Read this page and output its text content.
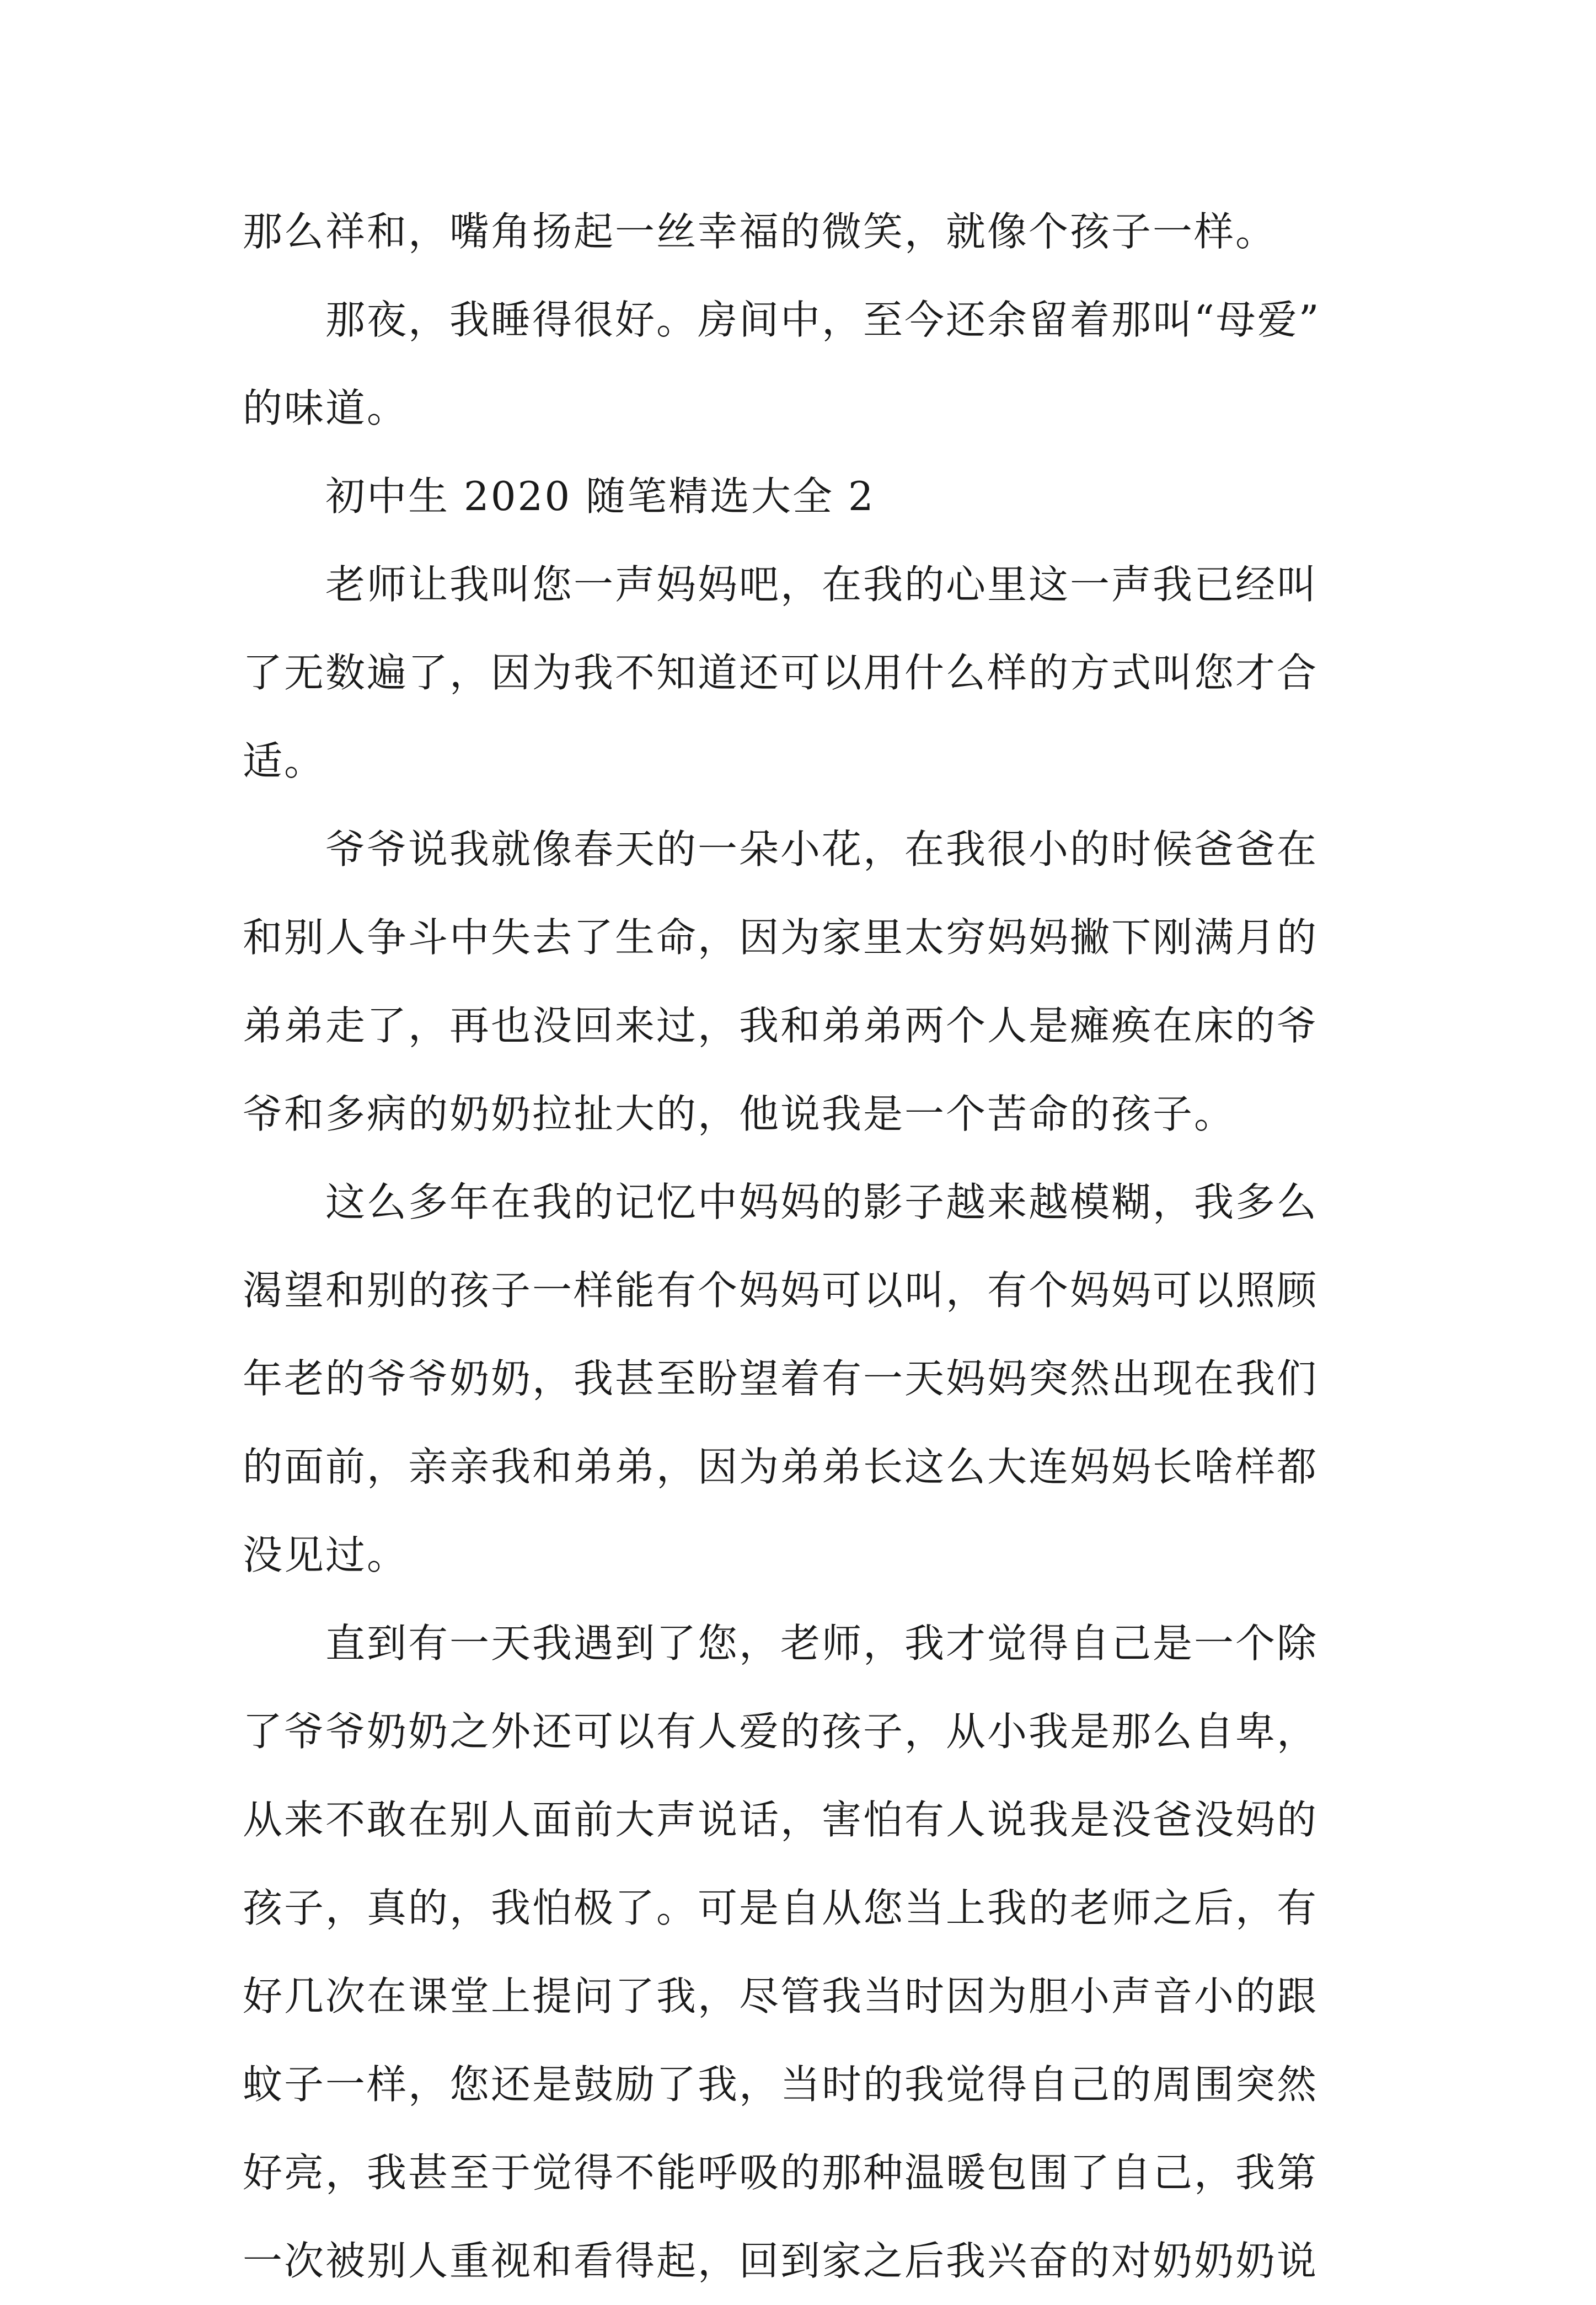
那么祥和，嘴角扬起一丝幸福的微笑，就像个孩子一样。
那夜，我睡得很好。房间中，至今还余留着那叫“母爱”
的味道。
初中生 2020 随笔精选大全 2
老师让我叫您一声妈妈吧，在我的心里这一声我已经叫
了无数遍了，因为我不知道还可以用什么样的方式叫您才合
适。
爷爷说我就像春天的一朵小花，在我很小的时候爸爸在
和别人争斗中失去了生命，因为家里太穷妈妈撇下刚满月的
弟弟走了，再也没回来过，我和弟弟两个人是瘫痪在床的爷
爷和多病的奶奶拉扯大的，他说我是一个苦命的孩子。
这么多年在我的记忆中妈妈的影子越来越模糊，我多么
渴望和别的孩子一样能有个妈妈可以叫，有个妈妈可以照顾
年老的爷爷奶奶，我甚至盼望着有一天妈妈突然出现在我们
的面前，亲亲我和弟弟，因为弟弟长这么大连妈妈长啥样都
没见过。
直到有一天我遇到了您，老师，我才觉得自己是一个除
了爷爷奶奶之外还可以有人爱的孩子，从小我是那么自卑，
从来不敢在别人面前大声说话，害怕有人说我是没爸没妈的
孩子，真的，我怕极了。可是自从您当上我的老师之后，有
好几次在课堂上提问了我，尽管我当时因为胆小声音小的跟
蚊子一样，您还是鼓励了我，当时的我觉得自己的周围突然
好亮，我甚至于觉得不能呼吸的那种温暖包围了自己，我第
一次被别人重视和看得起，回到家之后我兴奋的对奶奶奶说
